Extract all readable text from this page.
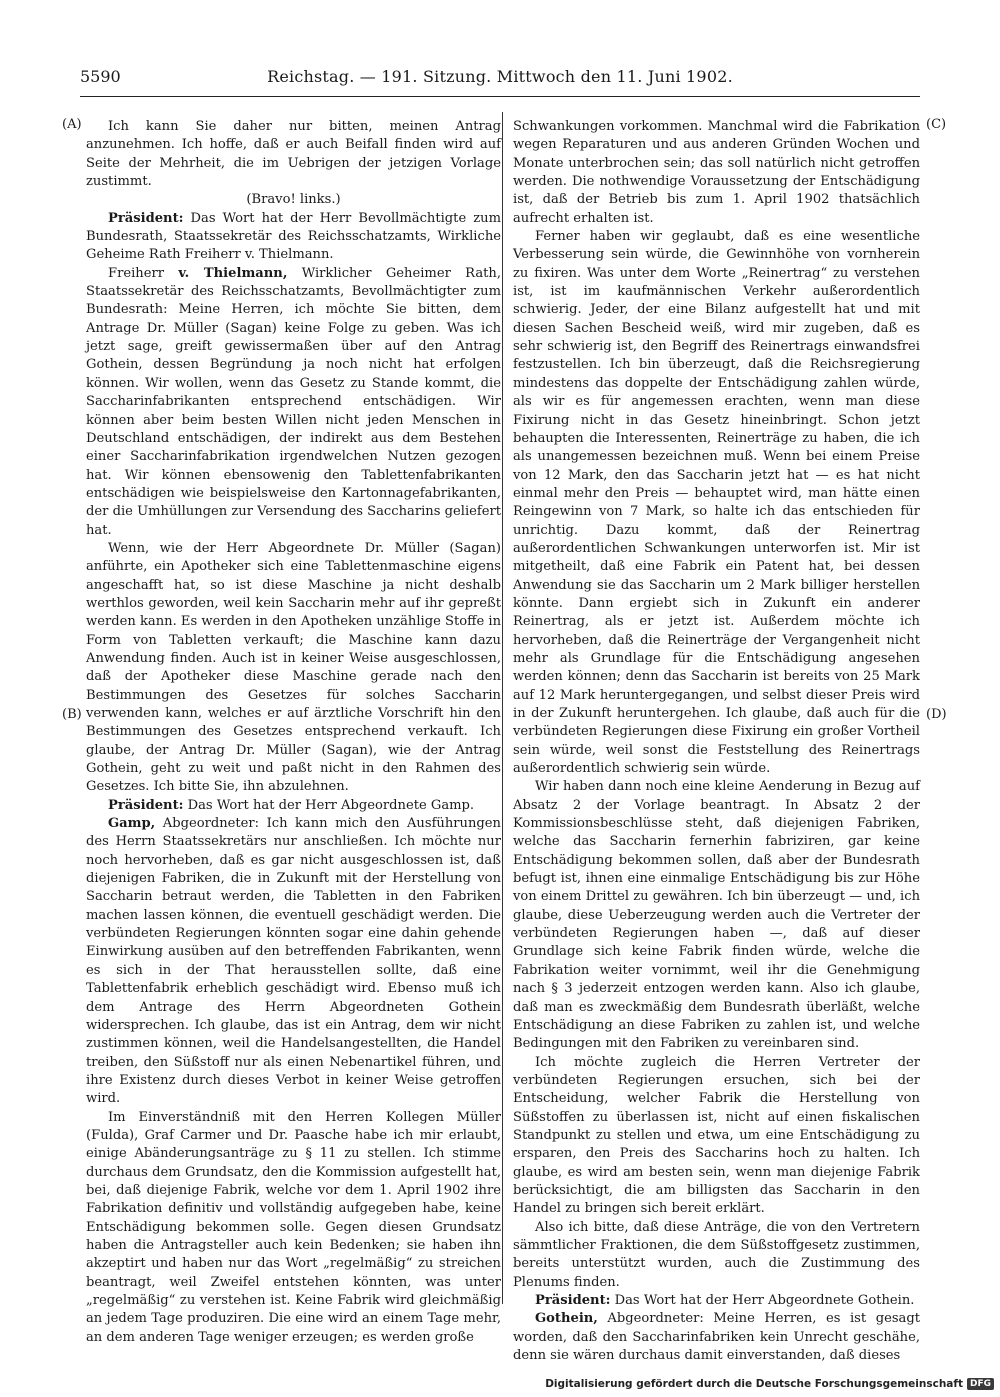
5590	Reichstag. — 191. Sitzung. Mittwoch den 11. Juni 1902.
(A)
(B)
(C)
(D)

Ich kann Sie daher nur bitten, meinen Antrag anzunehmen. Ich hoffe, daß er auch Beifall finden wird auf Seite der Mehrheit, die im Uebrigen der jetzigen Vorlage zustimmt.

(Bravo! links.)

Präsident: Das Wort hat der Herr Bevollmächtigte zum Bundesrath, Staatssekretär des Reichsschatzamts, Wirkliche Geheime Rath Freiherr v. Thielmann.

Freiherr v. Thielmann, Wirklicher Geheimer Rath, Staatssekretär des Reichsschatzamts, Bevollmächtigter zum Bundesrath: Meine Herren, ich möchte Sie bitten, dem Antrage Dr. Müller (Sagan) keine Folge zu geben. Was ich jetzt sage, greift gewissermaßen über auf den Antrag Gothein, dessen Begründung ja noch nicht hat erfolgen können. Wir wollen, wenn das Gesetz zu Stande kommt, die Saccharinfabrikanten entsprechend entschädigen. Wir können aber beim besten Willen nicht jeden Menschen in Deutschland entschädigen, der indirekt aus dem Bestehen einer Saccharinfabrikation irgendwelchen Nutzen gezogen hat. Wir können ebensowenig den Tablettenfabrikanten entschädigen wie beispielsweise den Kartonnagefabrikanten, der die Umhüllungen zur Versendung des Saccharins geliefert hat.

Wenn, wie der Herr Abgeordnete Dr. Müller (Sagan) anführte, ein Apotheker sich eine Tablettenmaschine eigens angeschafft hat, so ist diese Maschine ja nicht deshalb werthlos geworden, weil kein Saccharin mehr auf ihr gepreßt werden kann. Es werden in den Apotheken unzählige Stoffe in Form von Tabletten verkauft; die Maschine kann dazu Anwendung finden. Auch ist in keiner Weise ausgeschlossen, daß der Apotheker diese Maschine gerade nach den Bestimmungen des Gesetzes für solches Saccharin verwenden kann, welches er auf ärztliche Vorschrift hin den Bestimmungen des Gesetzes entsprechend verkauft. Ich glaube, der Antrag Dr. Müller (Sagan), wie der Antrag Gothein, geht zu weit und paßt nicht in den Rahmen des Gesetzes. Ich bitte Sie, ihn abzulehnen.

Präsident: Das Wort hat der Herr Abgeordnete Gamp.

Gamp, Abgeordneter: Ich kann mich den Ausführungen des Herrn Staatssekretärs nur anschließen. Ich möchte nur noch hervorheben, daß es gar nicht ausgeschlossen ist, daß diejenigen Fabriken, die in Zukunft mit der Herstellung von Saccharin betraut werden, die Tabletten in den Fabriken machen lassen können, die eventuell geschädigt werden. Die verbündeten Regierungen könnten sogar eine dahin gehende Einwirkung ausüben auf den betreffenden Fabrikanten, wenn es sich in der That herausstellen sollte, daß eine Tablettenfabrik erheblich geschädigt wird. Ebenso muß ich dem Antrage des Herrn Abgeordneten Gothein widersprechen. Ich glaube, das ist ein Antrag, dem wir nicht zustimmen können, weil die Handelsangestellten, die Handel treiben, den Süßstoff nur als einen Nebenartikel führen, und ihre Existenz durch dieses Verbot in keiner Weise getroffen wird.

Im Einverständniß mit den Herren Kollegen Müller (Fulda), Graf Carmer und Dr. Paasche habe ich mir erlaubt, einige Abänderungsanträge zu § 11 zu stellen. Ich stimme durchaus dem Grundsatz, den die Kommission aufgestellt hat, bei, daß diejenige Fabrik, welche vor dem 1. April 1902 ihre Fabrikation definitiv und vollständig aufgegeben habe, keine Entschädigung bekommen solle. Gegen diesen Grundsatz haben die Antragsteller auch kein Bedenken; sie haben ihn akzeptirt und haben nur das Wort „regelmäßig“ zu streichen beantragt, weil Zweifel entstehen könnten, was unter „regelmäßig“ zu verstehen ist. Keine Fabrik wird gleichmäßig an jedem Tage produziren. Die eine wird an einem Tage mehr, an dem anderen Tage weniger erzeugen; es werden große

Schwankungen vorkommen. Manchmal wird die Fabrikation wegen Reparaturen und aus anderen Gründen Wochen und Monate unterbrochen sein; das soll natürlich nicht getroffen werden. Die nothwendige Voraussetzung der Entschädigung ist, daß der Betrieb bis zum 1. April 1902 thatsächlich aufrecht erhalten ist.

Ferner haben wir geglaubt, daß es eine wesentliche Verbesserung sein würde, die Gewinnhöhe von vornherein zu fixiren. Was unter dem Worte „Reinertrag“ zu verstehen ist, ist im kaufmännischen Verkehr außerordentlich schwierig. Jeder, der eine Bilanz aufgestellt hat und mit diesen Sachen Bescheid weiß, wird mir zugeben, daß es sehr schwierig ist, den Begriff des Reinertrags einwandsfrei festzustellen. Ich bin überzeugt, daß die Reichsregierung mindestens das doppelte der Entschädigung zahlen würde, als wir es für angemessen erachten, wenn man diese Fixirung nicht in das Gesetz hineinbringt. Schon jetzt behaupten die Interessenten, Reinerträge zu haben, die ich als unangemessen bezeichnen muß. Wenn bei einem Preise von 12 Mark, den das Saccharin jetzt hat — es hat nicht einmal mehr den Preis — behauptet wird, man hätte einen Reingewinn von 7 Mark, so halte ich das entschieden für unrichtig. Dazu kommt, daß der Reinertrag außerordentlichen Schwankungen unterworfen ist. Mir ist mitgetheilt, daß eine Fabrik ein Patent hat, bei dessen Anwendung sie das Saccharin um 2 Mark billiger herstellen könnte. Dann ergiebt sich in Zukunft ein anderer Reinertrag, als er jetzt ist. Außerdem möchte ich hervorheben, daß die Reinerträge der Vergangenheit nicht mehr als Grundlage für die Entschädigung angesehen werden können; denn das Saccharin ist bereits von 25 Mark auf 12 Mark heruntergegangen, und selbst dieser Preis wird in der Zukunft heruntergehen. Ich glaube, daß auch für die verbündeten Regierungen diese Fixirung ein großer Vortheil sein würde, weil sonst die Feststellung des Reinertrags außerordentlich schwierig sein würde.

Wir haben dann noch eine kleine Aenderung in Bezug auf Absatz 2 der Vorlage beantragt. In Absatz 2 der Kommissionsbeschlüsse steht, daß diejenigen Fabriken, welche das Saccharin fernerhin fabriziren, gar keine Entschädigung bekommen sollen, daß aber der Bundesrath befugt ist, ihnen eine einmalige Entschädigung bis zur Höhe von einem Drittel zu gewähren. Ich bin überzeugt — und, ich glaube, diese Ueberzeugung werden auch die Vertreter der verbündeten Regierungen haben —, daß auf dieser Grundlage sich keine Fabrik finden würde, welche die Fabrikation weiter vornimmt, weil ihr die Genehmigung nach § 3 jederzeit entzogen werden kann. Also ich glaube, daß man es zweckmäßig dem Bundesrath überläßt, welche Entschädigung an diese Fabriken zu zahlen ist, und welche Bedingungen mit den Fabriken zu vereinbaren sind.

Ich möchte zugleich die Herren Vertreter der verbündeten Regierungen ersuchen, sich bei der Entscheidung, welcher Fabrik die Herstellung von Süßstoffen zu überlassen ist, nicht auf einen fiskalischen Standpunkt zu stellen und etwa, um eine Entschädigung zu ersparen, den Preis des Saccharins hoch zu halten. Ich glaube, es wird am besten sein, wenn man diejenige Fabrik berücksichtigt, die am billigsten das Saccharin in den Handel zu bringen sich bereit erklärt.

Also ich bitte, daß diese Anträge, die von den Vertretern sämmtlicher Fraktionen, die dem Süßstoffgesetz zustimmen, bereits unterstützt wurden, auch die Zustimmung des Plenums finden.

Präsident: Das Wort hat der Herr Abgeordnete Gothein.

Gothein, Abgeordneter: Meine Herren, es ist gesagt worden, daß den Saccharinfabriken kein Unrecht geschähe, denn sie wären durchaus damit einverstanden, daß dieses

Digitalisierung gefördert durch die Deutsche Forschungsgemeinschaft DFG
